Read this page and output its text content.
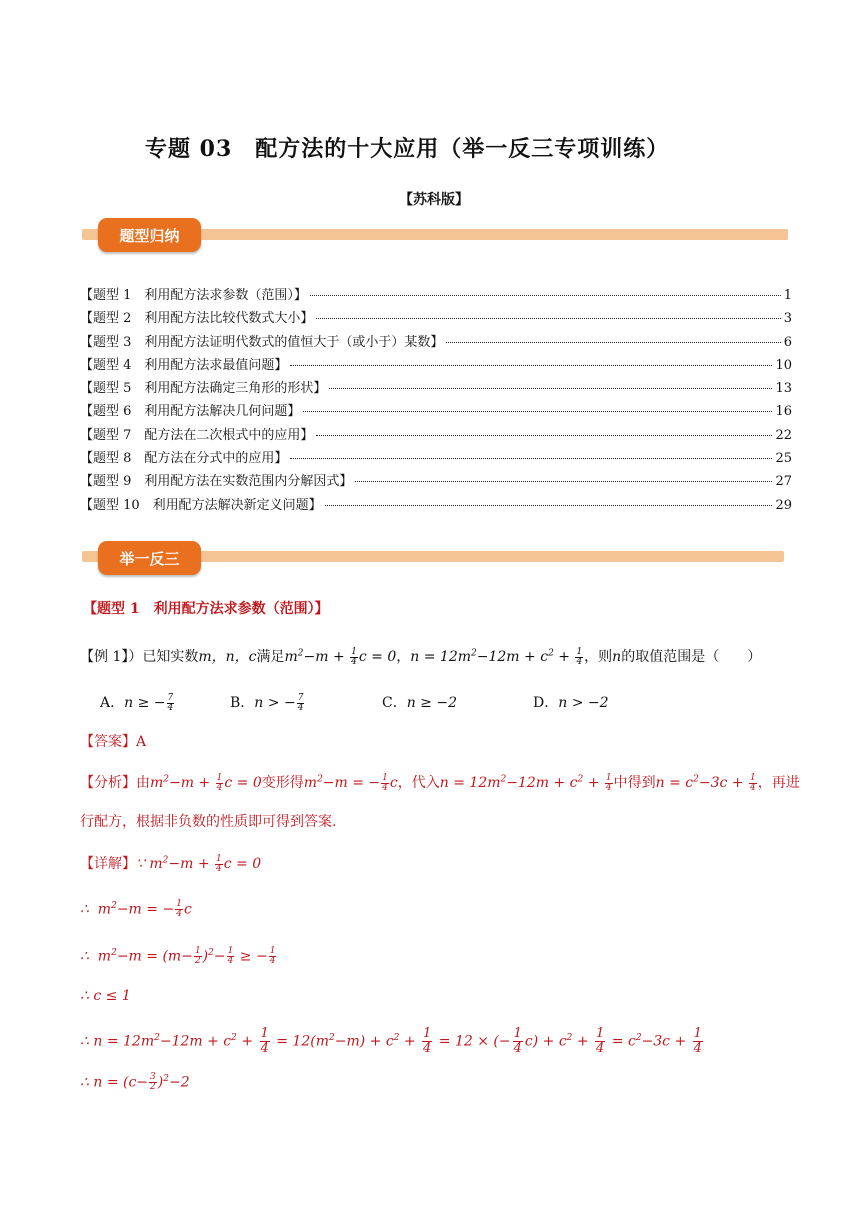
专题 03　配方法的十大应用（举一反三专项训练）
【苏科版】
题型归纳
【题型 1　利用配方法求参数（范围）】	1
【题型 2　利用配方法比较代数式大小】	3
【题型 3　利用配方法证明代数式的值恒大于（或小于）某数】	6
【题型 4　利用配方法求最值问题】	10
【题型 5　利用配方法确定三角形的形状】	13
【题型 6　利用配方法解决几何问题】	16
【题型 7　配方法在二次根式中的应用】	22
【题型 8　配方法在分式中的应用】	25
【题型 9　利用配方法在实数范围内分解因式】	27
【题型 10　利用配方法解决新定义问题】	29
举一反三
【题型 1　利用配方法求参数（范围）】
【例 1】）已知实数m，n，c满足$m^2-m + \frac{1}{4}$ c = 0，$n = 12m^2-12m + c^2 + \frac{1}{4}$ ，则n的取值范围是（　　）
A．n ≥ − $\frac{7}{4}$	B．n > − $\frac{7}{4}$	C．n ≥ −2	D．n > −2
【答案】A
【分析】由$m^2-m + \frac{1}{4}$ c = 0变形得$m^2-m$ = − $\frac{1}{4}$ c，代入$n = 12m^2-12m + c^2 + \frac{1}{4}$ 中得到$n = c^2-3c + \frac{1}{4}$ ，再进
行配方，根据非负数的性质即可得到答案.
【详解】∵ $m^2-m + \frac{1}{4}$ c = 0
∴  $m^2-m$ = − $\frac{1}{4}$ c
∴  $m^2-m = (m- \frac{1}{2} )^2- \frac{1}{4}$ ≥ − $\frac{1}{4}$
∴ c ≤ 1
∴ $n = 12m^2-12m + c^2 + \frac{1}{4} = 12(m^2-m) + c^2 + \frac{1}{4} = 12$ × (− $\frac{1}{4} c) + c^2 + \frac{1}{4} = c^2-3c + \frac{1}{4}$
∴ $n = (c- \frac{3}{2} )^2-2$
